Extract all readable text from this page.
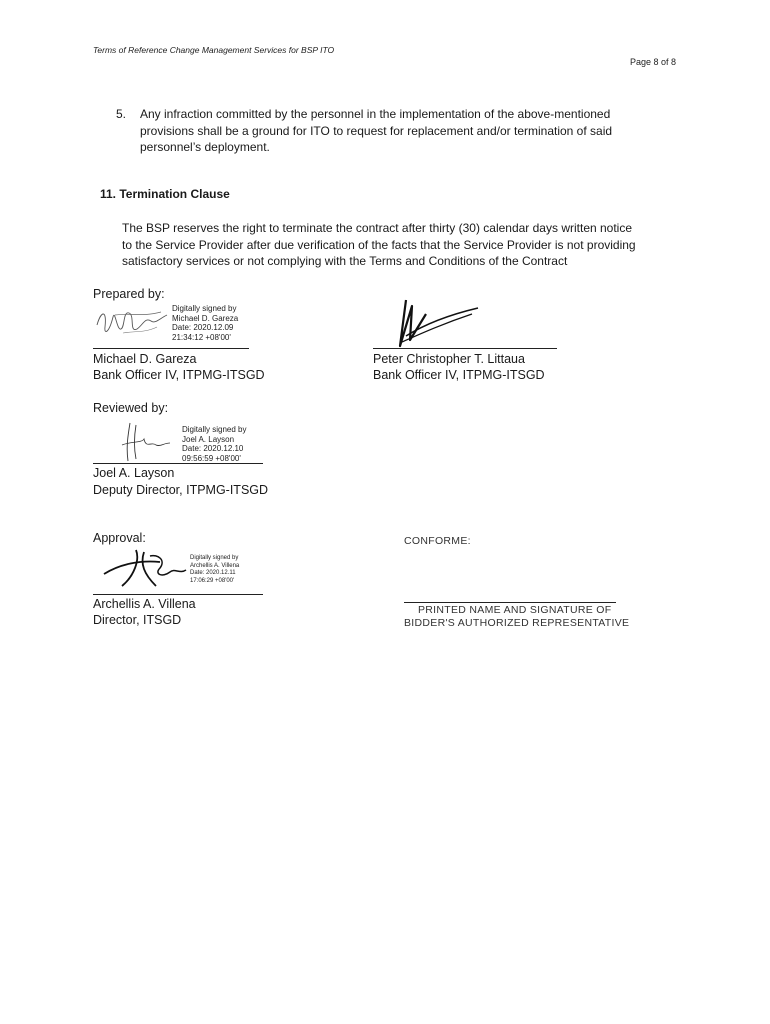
Terms of Reference Change Management Services for BSP ITO
Page 8 of 8
5. Any infraction committed by the personnel in the implementation of the above-mentioned
provisions shall be a ground for ITO to request for replacement and/or termination of said
personnel’s deployment.
11. Termination Clause
The BSP reserves the right to terminate the contract after thirty (30) calendar days written notice
to the Service Provider after due verification of the facts that the Service Provider is not providing
satisfactory services or not complying with the Terms and Conditions of the Contract
Prepared by:
Digitally signed by
Michael D. Gareza
Date: 2020.12.09
21:34:12 +08'00'
Michael D. Gareza
Bank Officer IV, ITPMG-ITSGD
Peter Christopher T. Littaua
Bank Officer IV, ITPMG-ITSGD
Reviewed by:
Digitally signed by
Joel A. Layson
Date: 2020.12.10
09:56:59 +08'00'
Joel A. Layson
Deputy Director, ITPMG-ITSGD
Approval:
Digitally signed by
Archellis A. Villena
Date: 2020.12.11
17:06:29 +08'00'
Archellis A. Villena
Director, ITSGD
CONFORME:
PRINTED NAME AND SIGNATURE OF
BIDDER'S AUTHORIZED REPRESENTATIVE
